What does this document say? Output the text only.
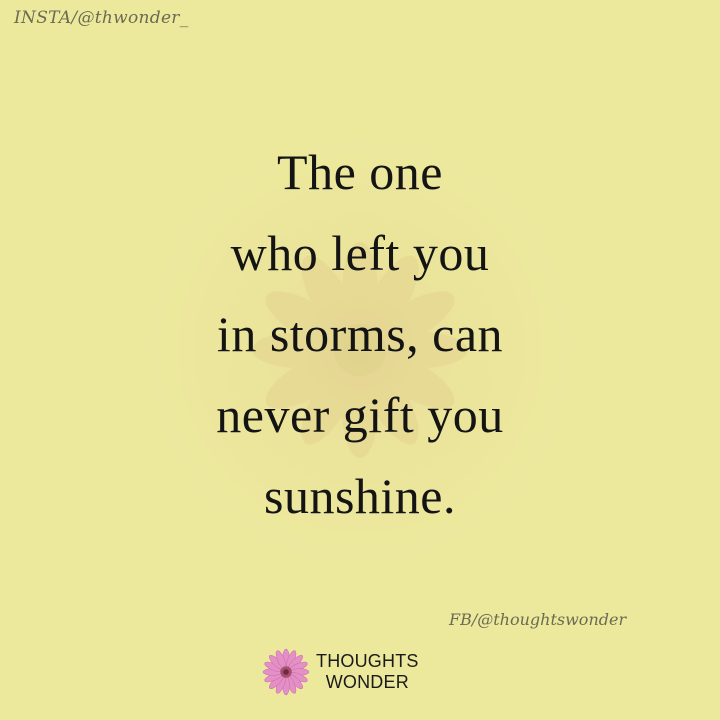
INSTA/@thwonder_
The one
who left you
in storms, can
never gift you
sunshine.
FB/@thoughtswonder
THOUGHTS
WONDER
